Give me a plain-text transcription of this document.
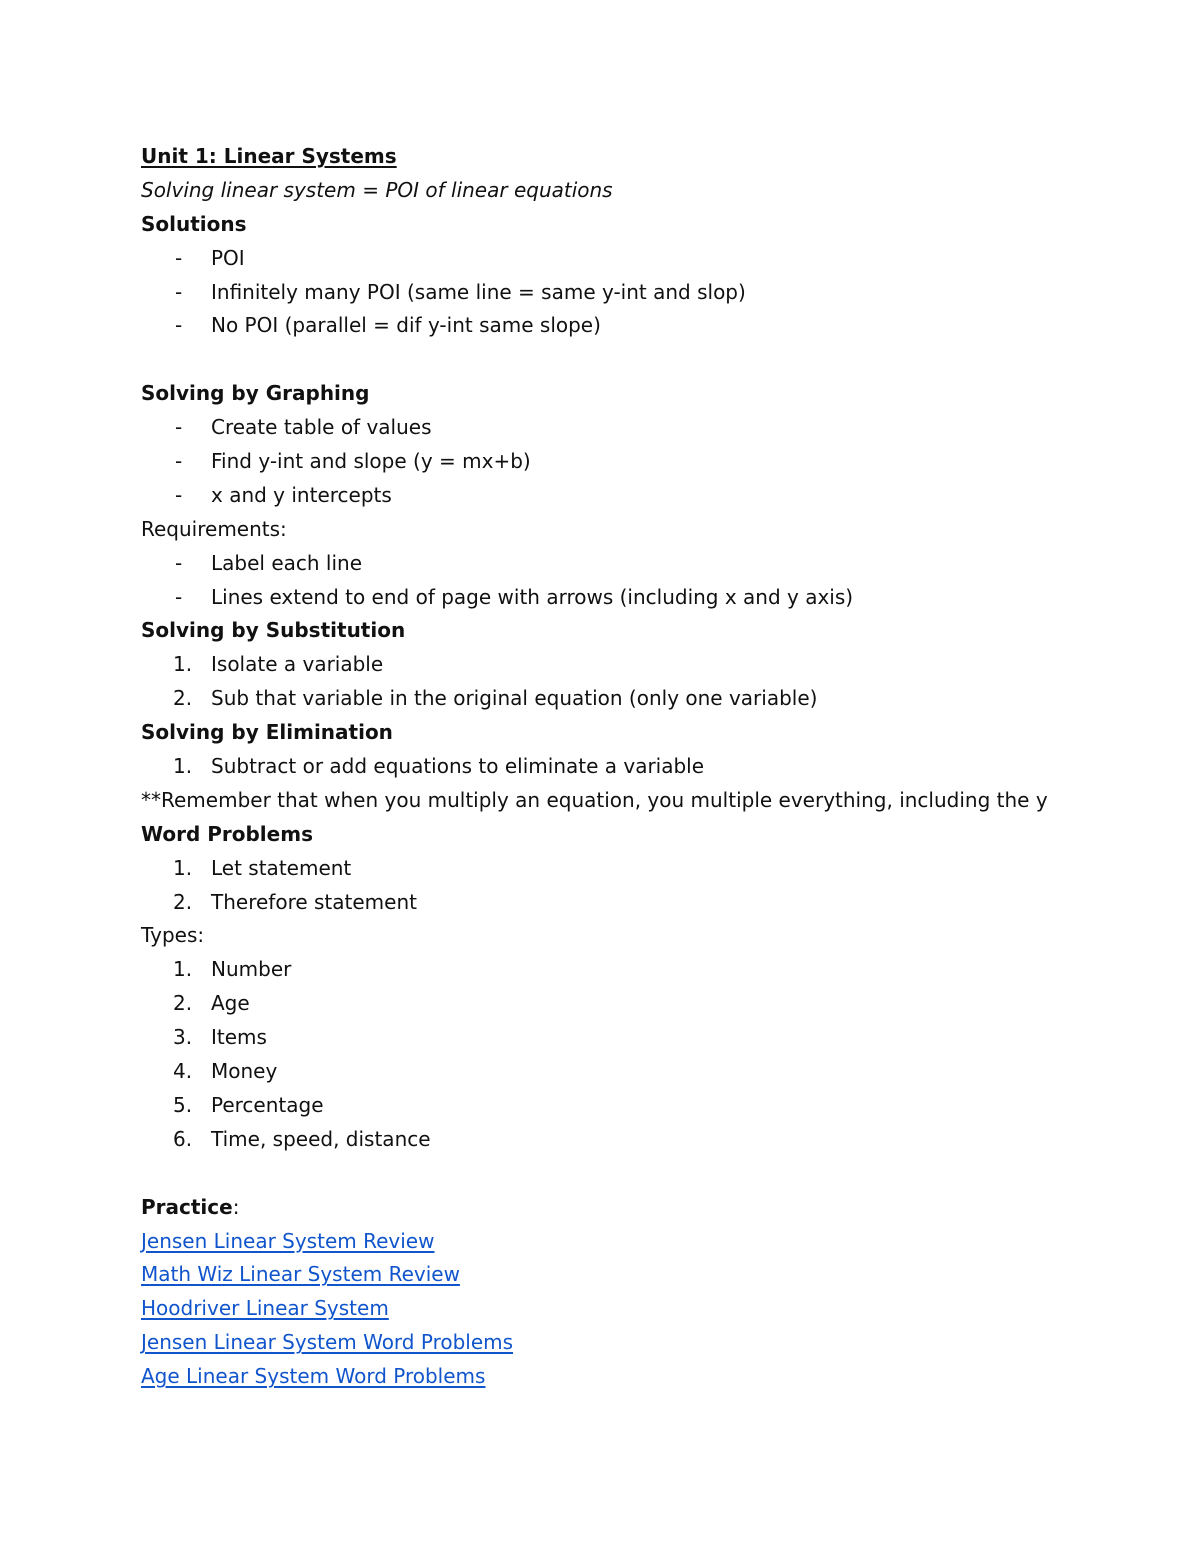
Unit 1: Linear Systems
Solving linear system = POI of linear equations
Solutions
-	POI
-	Infinitely many POI (same line = same y-int and slop)
-	No POI (parallel = dif y-int same slope)
Solving by Graphing
-	Create table of values
-	Find y-int and slope (y = mx+b)
-	x and y intercepts
Requirements:
-	Label each line
-	Lines extend to end of page with arrows (including x and y axis)
Solving by Substitution
1. Isolate a variable
2. Sub that variable in the original equation (only one variable)
Solving by Elimination
1. Subtract or add equations to eliminate a variable
**Remember that when you multiply an equation, you multiple everything, including the y
Word Problems
1. Let statement
2. Therefore statement
Types:
1. Number
2. Age
3. Items
4. Money
5. Percentage
6. Time, speed, distance
Practice:
Jensen Linear System Review
Math Wiz Linear System Review
Hoodriver Linear System
Jensen Linear System Word Problems
Age Linear System Word Problems
